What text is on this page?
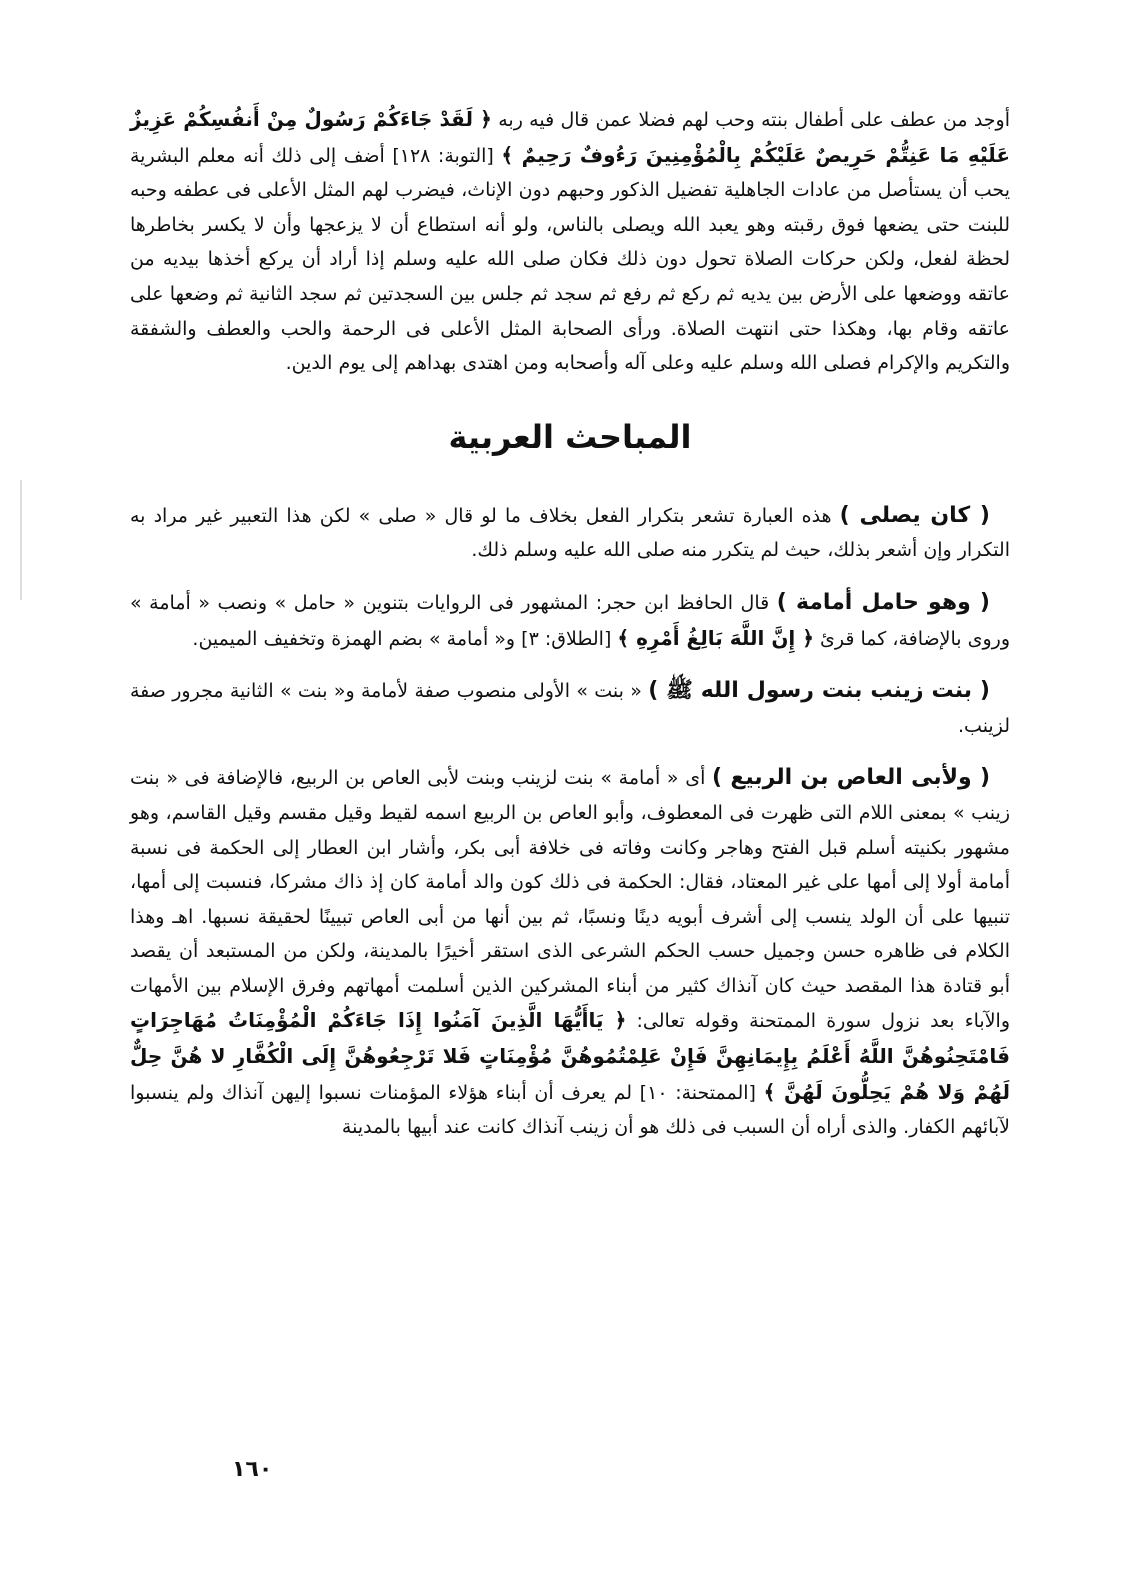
أوجد من عطف على أطفال بنته وحب لهم فضلا عمن قال فيه ربه ﴿ لَقَدْ جَاءَكُمْ رَسُولٌ مِنْ أَنفُسِكُمْ عَزِيزٌ عَلَيْهِ مَا عَنِتُّمْ حَرِيصٌ عَلَيْكُمْ بِالْمُؤْمِنِينَ رَءُوفٌ رَحِيمٌ ﴾ [التوبة: ١٢٨] أضف إلى ذلك أنه معلم البشرية يحب أن يستأصل من عادات الجاهلية تفضيل الذكور وحبهم دون الإناث، فيضرب لهم المثل الأعلى فى عطفه وحبه للبنت حتى يضعها فوق رقبته وهو يعبد الله ويصلى بالناس، ولو أنه استطاع أن لا يزعجها وأن لا يكسر بخاطرها لحظة لفعل، ولكن حركات الصلاة تحول دون ذلك فكان صلى الله عليه وسلم إذا أراد أن يركع أخذها بيديه من عاتقه ووضعها على الأرض بين يديه ثم ركع ثم رفع ثم سجد ثم جلس بين السجدتين ثم سجد الثانية ثم وضعها على عاتقه وقام بها، وهكذا حتى انتهت الصلاة. ورأى الصحابة المثل الأعلى فى الرحمة والحب والعطف والشفقة والتكريم والإكرام فصلى الله وسلم عليه وعلى آله وأصحابه ومن اهتدى بهداهم إلى يوم الدين.

المباحث العربية

( كان يصلى ) هذه العبارة تشعر بتكرار الفعل بخلاف ما لو قال « صلى » لكن هذا التعبير غير مراد به التكرار وإن أشعر بذلك، حيث لم يتكرر منه صلى الله عليه وسلم ذلك.

( وهو حامل أمامة ) قال الحافظ ابن حجر: المشهور فى الروايات بتنوين « حامل » ونصب « أمامة » وروى بالإضافة، كما قرئ ﴿ إِنَّ اللَّهَ بَالِغُ أَمْرِهِ ﴾ [الطلاق: ٣] و« أمامة » بضم الهمزة وتخفيف الميمين.

( بنت زينب بنت رسول الله ﷺ ) « بنت » الأولى منصوب صفة لأمامة و« بنت » الثانية مجرور صفة لزينب.

( ولأبى العاص بن الربيع ) أى « أمامة » بنت لزينب وبنت لأبى العاص بن الربيع، فالإضافة فى « بنت زينب » بمعنى اللام التى ظهرت فى المعطوف، وأبو العاص بن الربيع اسمه لقيط وقيل مقسم وقيل القاسم، وهو مشهور بكنيته أسلم قبل الفتح وهاجر وكانت وفاته فى خلافة أبى بكر، وأشار ابن العطار إلى الحكمة فى نسبة أمامة أولا إلى أمها على غير المعتاد، فقال: الحكمة فى ذلك كون والد أمامة كان إذ ذاك مشركا، فنسبت إلى أمها، تنبيها على أن الولد ينسب إلى أشرف أبويه دينًا ونسبًا، ثم بين أنها من أبى العاص تبيينًا لحقيقة نسبها. اهـ وهذا الكلام فى ظاهره حسن وجميل حسب الحكم الشرعى الذى استقر أخيرًا بالمدينة، ولكن من المستبعد أن يقصد أبو قتادة هذا المقصد حيث كان آنذاك كثير من أبناء المشركين الذين أسلمت أمهاتهم وفرق الإسلام بين الأمهات والآباء بعد نزول سورة الممتحنة وقوله تعالى: ﴿ يَاأَيُّهَا الَّذِينَ آمَنُوا إِذَا جَاءَكُمْ الْمُؤْمِنَاتُ مُهَاجِرَاتٍ فَامْتَحِنُوهُنَّ اللَّهُ أَعْلَمُ بِإِيمَانِهِنَّ فَإِنْ عَلِمْتُمُوهُنَّ مُؤْمِنَاتٍ فَلا تَرْجِعُوهُنَّ إِلَى الْكُفَّارِ لا هُنَّ حِلٌّ لَهُمْ وَلا هُمْ يَحِلُّونَ لَهُنَّ ﴾ [الممتحنة: ١٠] لم يعرف أن أبناء هؤلاء المؤمنات نسبوا إليهن آنذاك ولم ينسبوا لآبائهم الكفار. والذى أراه أن السبب فى ذلك هو أن زينب آنذاك كانت عند أبيها بالمدينة

١٦٠
